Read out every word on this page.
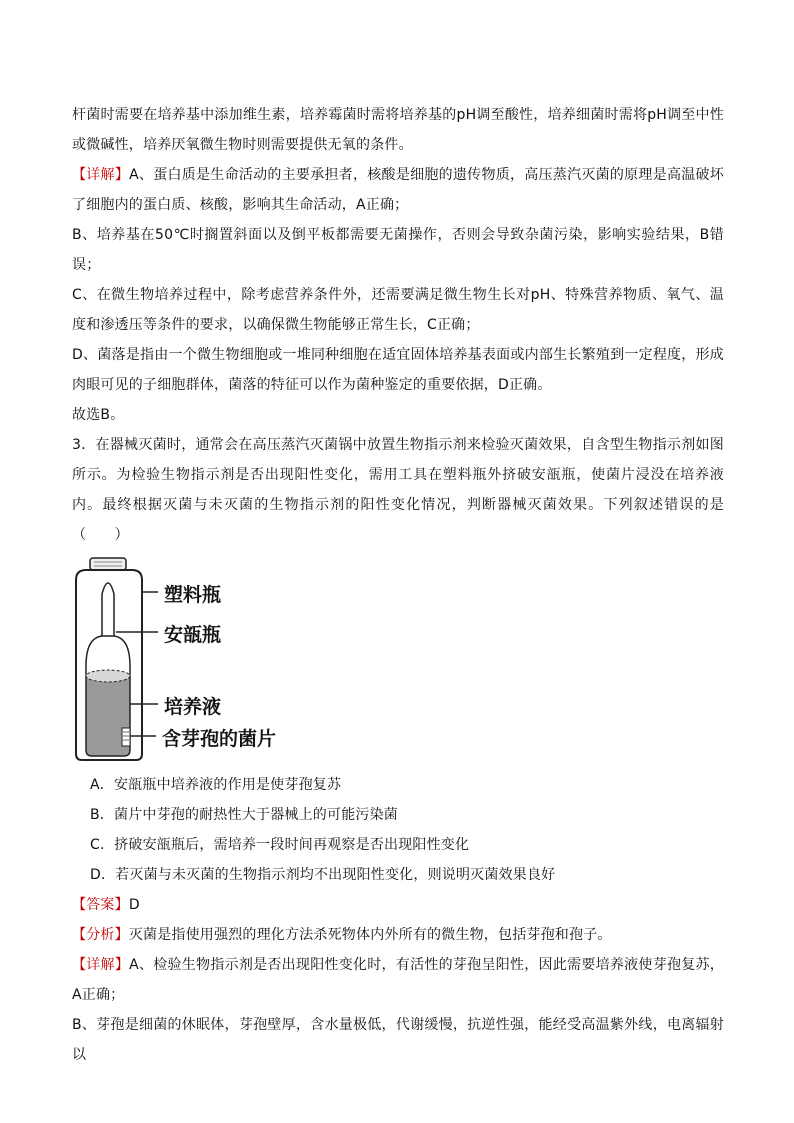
杆菌时需要在培养基中添加维生素，培养霉菌时需将培养基的pH调至酸性，培养细菌时需将pH调至中性或微碱性，培养厌氧微生物时则需要提供无氧的条件。

【详解】A、蛋白质是生命活动的主要承担者，核酸是细胞的遗传物质，高压蒸汽灭菌的原理是高温破坏了细胞内的蛋白质、核酸，影响其生命活动，A正确；

B、培养基在50℃时搁置斜面以及倒平板都需要无菌操作，否则会导致杂菌污染，影响实验结果，B错误；

C、在微生物培养过程中，除考虑营养条件外，还需要满足微生物生长对pH、特殊营养物质、氧气、温度和渗透压等条件的要求，以确保微生物能够正常生长，C正确；

D、菌落是指由一个微生物细胞或一堆同种细胞在适宜固体培养基表面或内部生长繁殖到一定程度，形成肉眼可见的子细胞群体，菌落的特征可以作为菌种鉴定的重要依据，D正确。

故选B。

3．在器械灭菌时，通常会在高压蒸汽灭菌锅中放置生物指示剂来检验灭菌效果，自含型生物指示剂如图所示。为检验生物指示剂是否出现阳性变化，需用工具在塑料瓶外挤破安瓿瓶，使菌片浸没在培养液内。最终根据灭菌与未灭菌的生物指示剂的阳性变化情况，判断器械灭菌效果。下列叙述错误的是（　　）

塑料瓶
安瓿瓶
培养液
含芽孢的菌片

A．安瓿瓶中培养液的作用是使芽孢复苏

B．菌片中芽孢的耐热性大于器械上的可能污染菌

C．挤破安瓿瓶后，需培养一段时间再观察是否出现阳性变化

D．若灭菌与未灭菌的生物指示剂均不出现阳性变化，则说明灭菌效果良好

【答案】D

【分析】灭菌是指使用强烈的理化方法杀死物体内外所有的微生物，包括芽孢和孢子。

【详解】A、检验生物指示剂是否出现阳性变化时，有活性的芽孢呈阳性，因此需要培养液使芽孢复苏，A正确；

B、芽孢是细菌的休眠体，芽孢壁厚，含水量极低，代谢缓慢，抗逆性强，能经受高温紫外线，电离辐射以
